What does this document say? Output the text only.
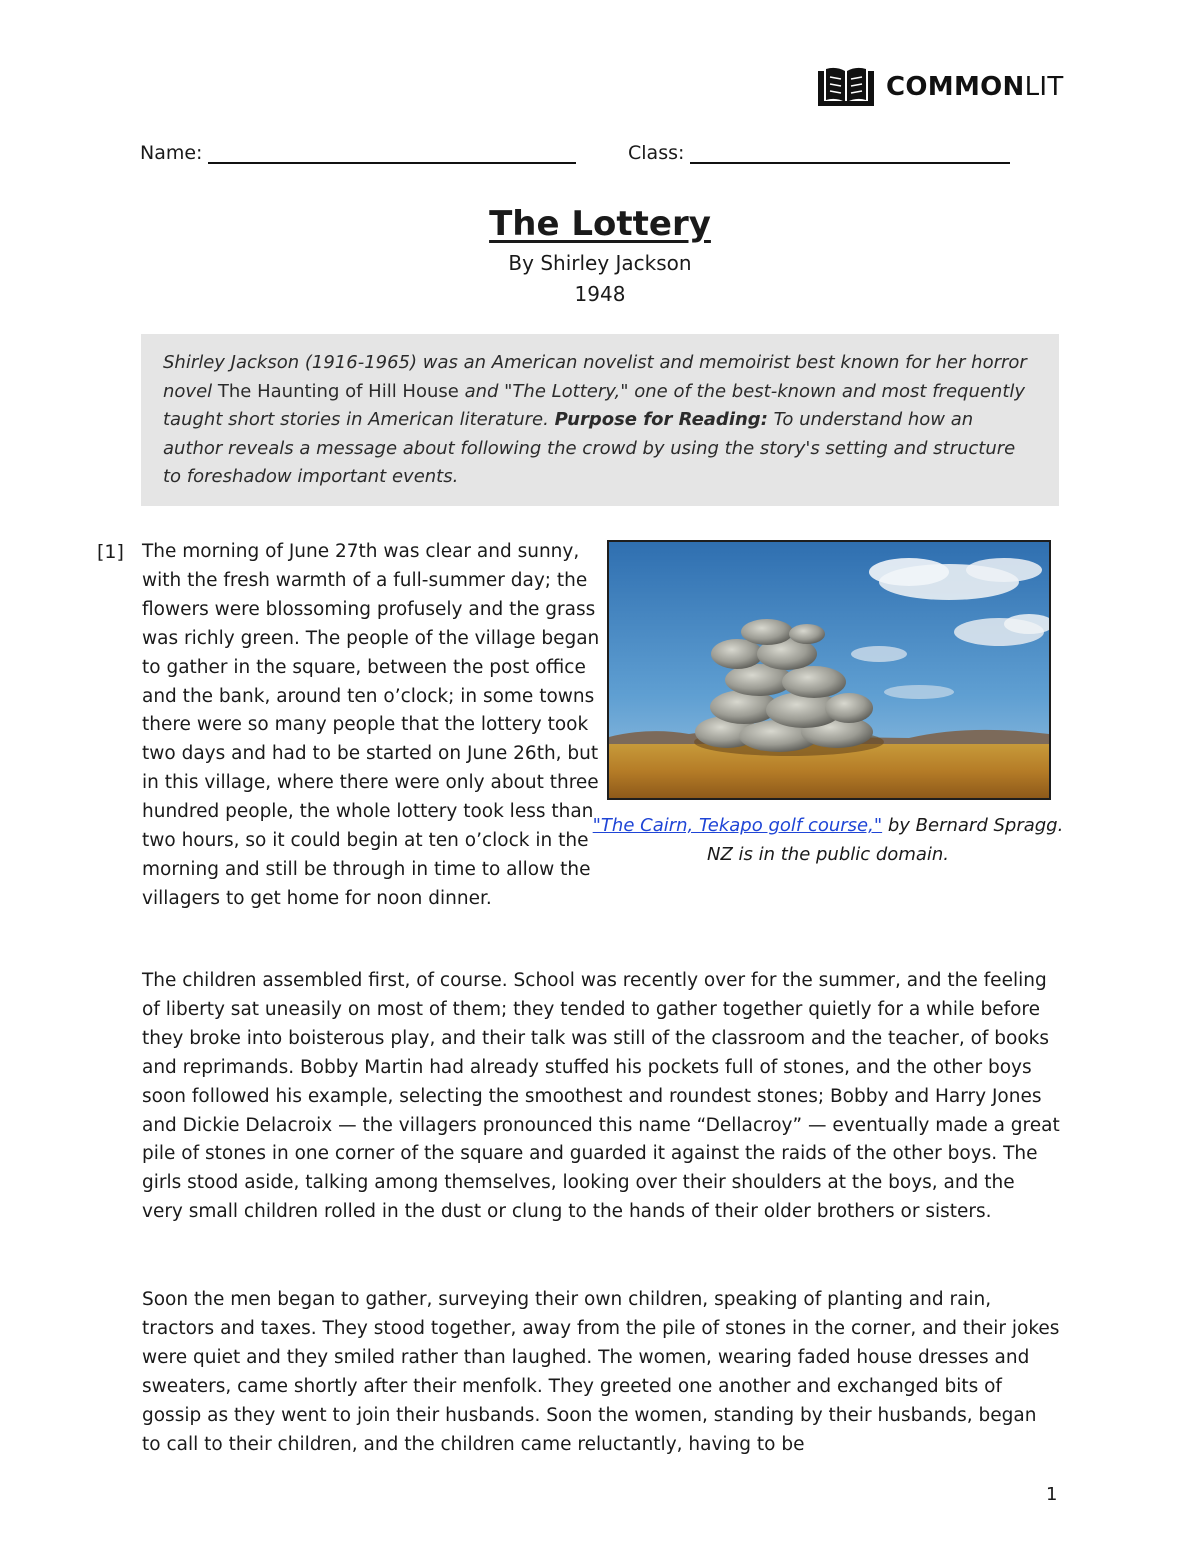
COMMONLIT
Name:	Class:
The Lottery
By Shirley Jackson
1948
Shirley Jackson (1916-1965) was an American novelist and memoirist best known for her horror novel The Haunting of Hill House and "The Lottery," one of the best-known and most frequently taught short stories in American literature. Purpose for Reading: To understand how an author reveals a message about following the crowd by using the story's setting and structure to foreshadow important events.
[1] The morning of June 27th was clear and sunny, with the fresh warmth of a full-summer day; the flowers were blossoming profusely and the grass was richly green. The people of the village began to gather in the square, between the post office and the bank, around ten o’clock; in some towns there were so many people that the lottery took two days and had to be started on June 26th, but in this village, where there were only about three hundred people, the whole lottery took less than two hours, so it could begin at ten o’clock in the morning and still be through in time to allow the villagers to get home for noon dinner.

"The Cairn, Tekapo golf course," by Bernard Spragg. NZ is in the public domain.

The children assembled first, of course. School was recently over for the summer, and the feeling of liberty sat uneasily on most of them; they tended to gather together quietly for a while before they broke into boisterous play, and their talk was still of the classroom and the teacher, of books and reprimands. Bobby Martin had already stuffed his pockets full of stones, and the other boys soon followed his example, selecting the smoothest and roundest stones; Bobby and Harry Jones and Dickie Delacroix — the villagers pronounced this name “Dellacroy” — eventually made a great pile of stones in one corner of the square and guarded it against the raids of the other boys. The girls stood aside, talking among themselves, looking over their shoulders at the boys, and the very small children rolled in the dust or clung to the hands of their older brothers or sisters.

Soon the men began to gather, surveying their own children, speaking of planting and rain, tractors and taxes. They stood together, away from the pile of stones in the corner, and their jokes were quiet and they smiled rather than laughed. The women, wearing faded house dresses and sweaters, came shortly after their menfolk. They greeted one another and exchanged bits of gossip as they went to join their husbands. Soon the women, standing by their husbands, began to call to their children, and the children came reluctantly, having to be

1
